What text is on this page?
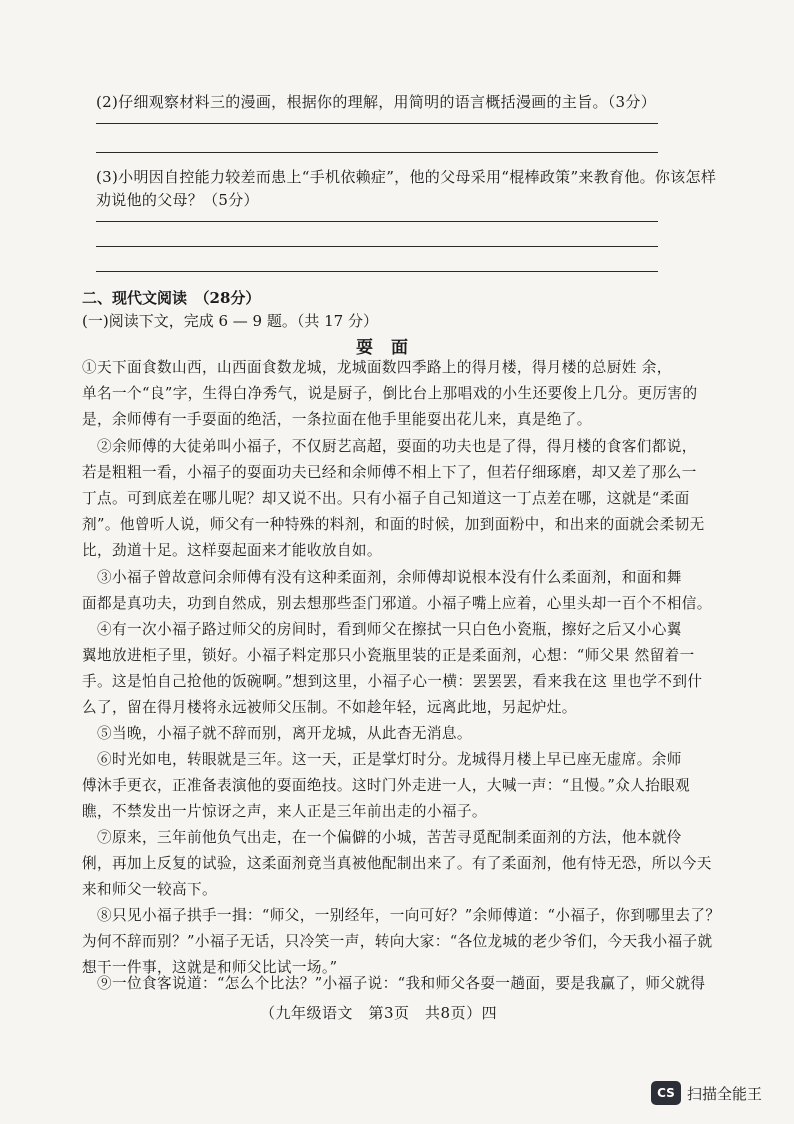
(2)仔细观察材料三的漫画，根据你的理解，用简明的语言概括漫画的主旨。（3分）
(3)小明因自控能力较差而患上“手机依赖症”，他的父母采用“棍棒政策”来教育他。你该怎样
劝说他的父母？（5分）
二、现代文阅读　（28分）
(一)阅读下文，完成 6 — 9 题。（共 17 分）
耍面
①天下面食数山西，山西面食数龙城，龙城面数四季路上的得月楼，得月楼的总厨姓 余，
单名一个“良”字，生得白净秀气，说是厨子，倒比台上那唱戏的小生还要俊上几分。更厉害的
是，余师傅有一手耍面的绝活，一条拉面在他手里能耍出花儿来，真是绝了。
　②余师傅的大徒弟叫小福子，不仅厨艺高超，耍面的功夫也是了得，得月楼的食客们都说，
若是粗粗一看，小福子的耍面功夫已经和余师傅不相上下了，但若仔细琢磨，却又差了那么一
丁点。可到底差在哪儿呢？却又说不出。只有小福子自己知道这一丁点差在哪，这就是“柔面
剂”。他曾听人说，师父有一种特殊的料剂，和面的时候，加到面粉中，和出来的面就会柔韧无
比，劲道十足。这样耍起面来才能收放自如。
　③小福子曾故意问余师傅有没有这种柔面剂，余师傅却说根本没有什么柔面剂，和面和舞
面都是真功夫，功到自然成，别去想那些歪门邪道。小福子嘴上应着，心里头却一百个不相信。
　④有一次小福子路过师父的房间时，看到师父在擦拭一只白色小瓷瓶，擦好之后又小心翼
翼地放进柜子里，锁好。小福子料定那只小瓷瓶里装的正是柔面剂，心想：“师父果 然留着一
手。这是怕自己抢他的饭碗啊。”想到这里，小福子心一横：罢罢罢，看来我在这 里也学不到什
么了，留在得月楼将永远被师父压制。不如趁年轻，远离此地，另起炉灶。
　⑤当晚，小福子就不辞而别，离开龙城，从此杳无消息。
　⑥时光如电，转眼就是三年。这一天，正是掌灯时分。龙城得月楼上早已座无虚席。余师
傅沐手更衣，正准备表演他的耍面绝技。这时门外走进一人，大喊一声：“且慢。”众人抬眼观
瞧，不禁发出一片惊讶之声，来人正是三年前出走的小福子。
　⑦原来，三年前他负气出走，在一个偏僻的小城，苦苦寻觅配制柔面剂的方法，他本就伶
俐，再加上反复的试验，这柔面剂竟当真被他配制出来了。有了柔面剂，他有恃无恐，所以今天
来和师父一较高下。
　⑧只见小福子拱手一揖：“师父，一别经年，一向可好？”余师傅道：“小福子，你到哪里去了？
为何不辞而别？”小福子无话，只冷笑一声，转向大家：“各位龙城的老少爷们，今天我小福子就
想干一件事，这就是和师父比试一场。”
　⑨一位食客说道：“怎么个比法？”小福子说：“我和师父各耍一趟面，要是我赢了，师父就得
（九年级语文　第3页　共8页）四
CS 扫描全能王
